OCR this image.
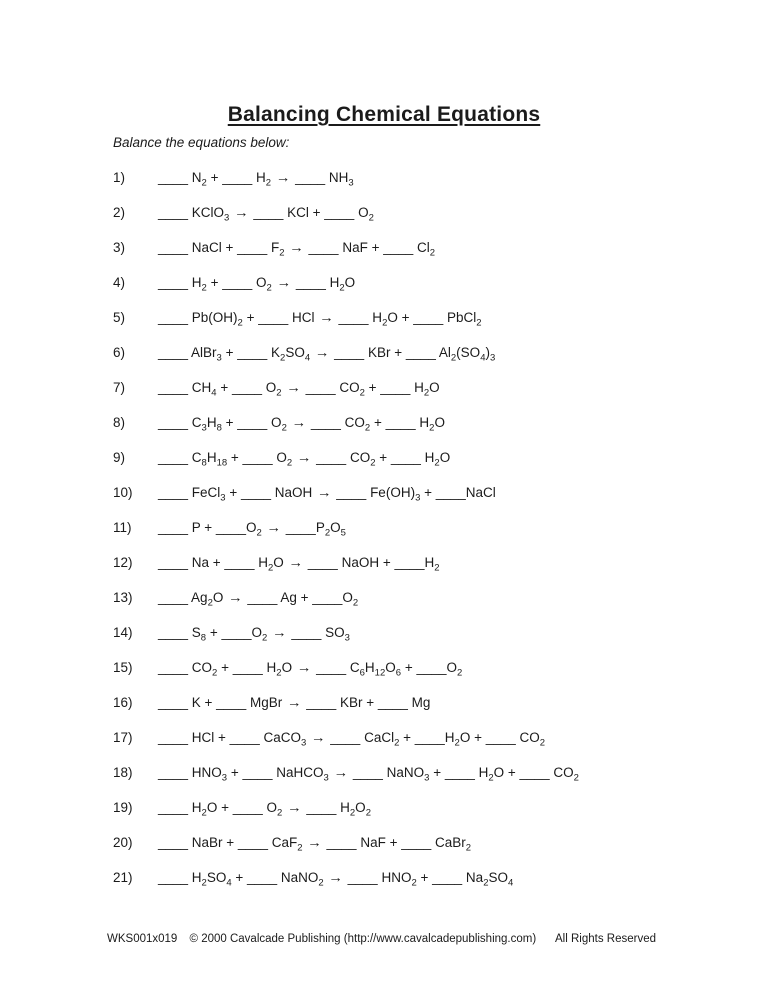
Balancing Chemical Equations
Balance the equations below:
1)	____ $N_2$ + ____ $H_2$ → ____ $NH_3$
2)	____ KClO$_3$ → ____ KCl + ____ $O_2$
3)	____ NaCl + ____ $F_2$ → ____ NaF + ____ $Cl_2$
4)	____ $H_2$ + ____ $O_2$ → ____ $H_2O$
5)	____ $Pb(OH)_2$ + ____ HCl → ____ $H_2O$ + ____ PbCl$_2$
6)	____ AlBr$_3$ + ____ $K_2SO_4$ → ____ KBr + ____ $Al_2(SO_4)_3$
7)	____ $CH_4$ + ____ $O_2$ → ____ $CO_2$ + ____ $H_2O$
8)	____ $C_3H_8$ + ____ $O_2$ → ____ $CO_2$ + ____ $H_2O$
9)	____ $C_8H_{18}$ + ____ $O_2$ → ____ $CO_2$ + ____ $H_2O$
10)	____ FeCl$_3$ + ____ NaOH → ____ $Fe(OH)_3$ + ____NaCl
11)	____ $P + \_\_\_\_O_2$ → $\_\_\_\_P_2O_5$
12)	____ Na + ____ $H_2O$ → ____ NaOH + $\_\_\_\_H_2$
13)	____ $Ag_2O$ → ____ $Ag + \_\_\_\_O_2$
14)	____ $S_8$ + $\_\_\_\_O_2$ → ____ $SO_3$
15)	____ $CO_2$ + ____ $H_2O$ → ____ $C_6H_{12}O_6$ + $\_\_\_\_O_2$
16)	____ K + ____ MgBr → ____ KBr + ____ Mg
17)	____ HCl + ____ CaCO$_3$ → ____ CaCl$_2$ + $\_\_\_\_H_2O$ + ____ $CO_2$
18)	____ $HNO_3$ + ____ NaHCO$_3$ → ____ NaNO$_3$ + ____ $H_2O$ + ____ $CO_2$
19)	____ $H_2O$ + ____ $O_2$ → ____ $H_2O_2$
20)	____ NaBr + ____ CaF$_2$ → ____ NaF + ____ CaBr$_2$
21)	____ $H_2SO_4$ + ____ NaNO$_2$ → ____ $HNO_2$ + ____ $Na_2SO_4$
WKS001x019 © 2000 Cavalcade Publishing (http://www.cavalcadepublishing.com) All Rights Reserved
